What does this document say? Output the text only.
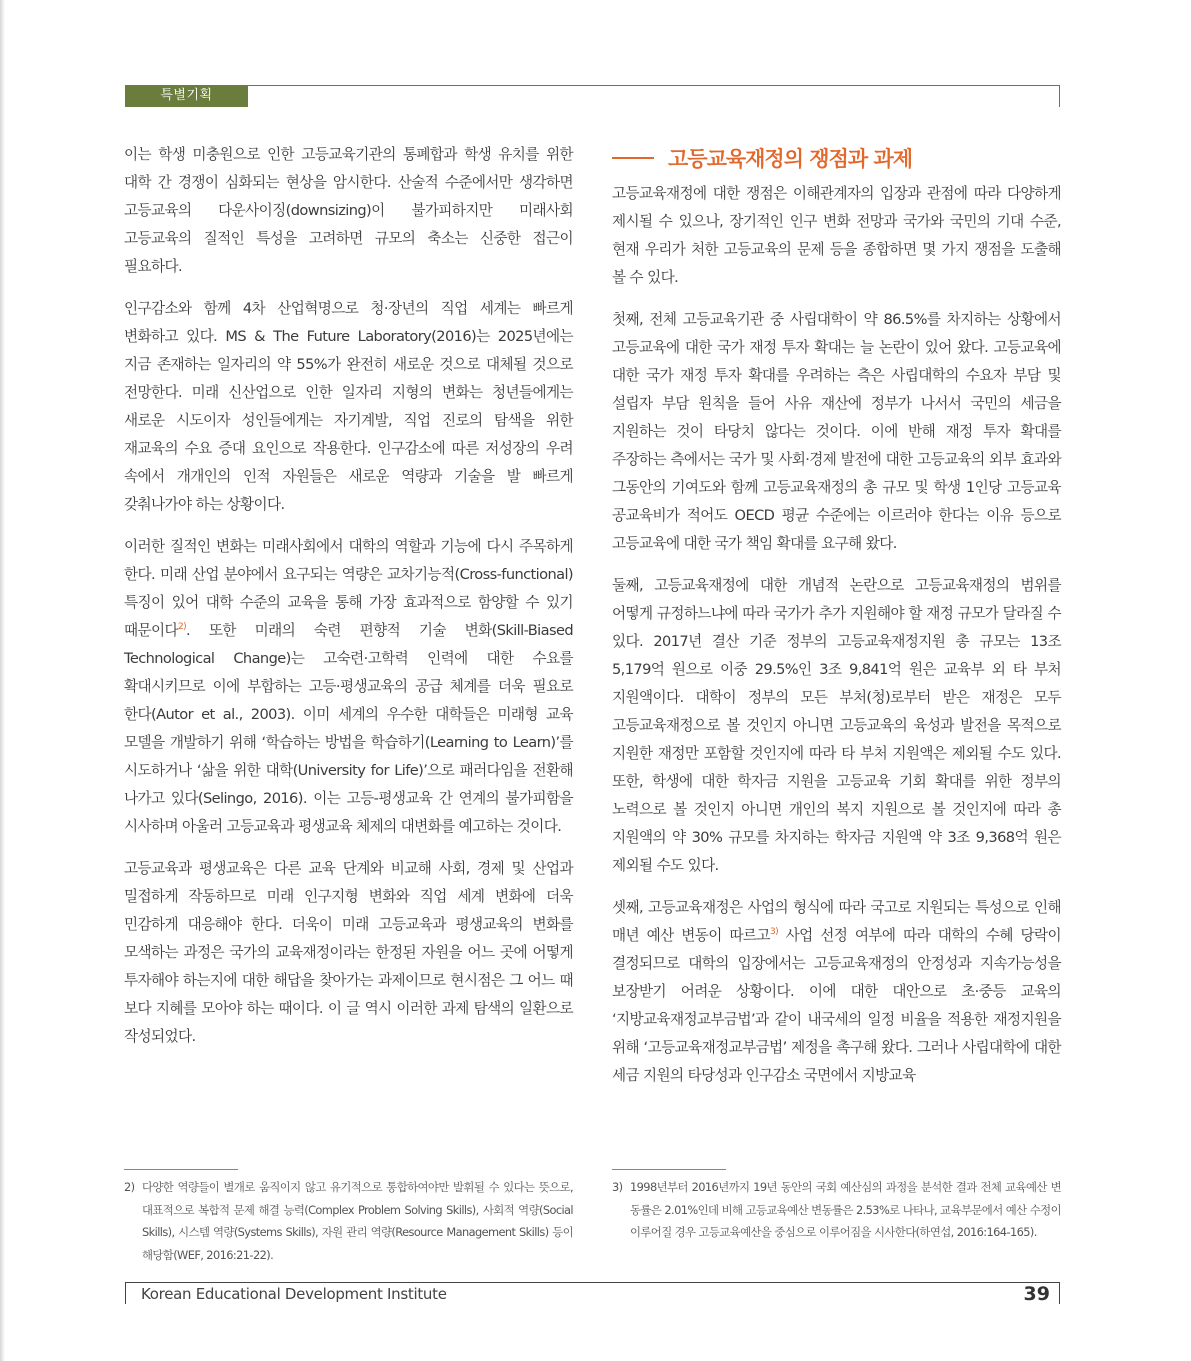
특별기획

이는 학생 미충원으로 인한 고등교육기관의 통폐합과 학생 유치를 위한 대학 간 경쟁이 심화되는 현상을 암시한다. 산술적 수준에서만 생각하면 고등교육의 다운사이징(downsizing)이 불가피하지만 미래사회 고등교육의 질적인 특성을 고려하면 규모의 축소는 신중한 접근이 필요하다.

인구감소와 함께 4차 산업혁명으로 청·장년의 직업 세계는 빠르게 변화하고 있다. MS & The Future Laboratory(2016)는 2025년에는 지금 존재하는 일자리의 약 55%가 완전히 새로운 것으로 대체될 것으로 전망한다. 미래 신산업으로 인한 일자리 지형의 변화는 청년들에게는 새로운 시도이자 성인들에게는 자기계발, 직업 진로의 탐색을 위한 재교육의 수요 증대 요인으로 작용한다. 인구감소에 따른 저성장의 우려 속에서 개개인의 인적 자원들은 새로운 역량과 기술을 발 빠르게 갖춰나가야 하는 상황이다.

이러한 질적인 변화는 미래사회에서 대학의 역할과 기능에 다시 주목하게 한다. 미래 산업 분야에서 요구되는 역량은 교차기능적(Cross-functional) 특징이 있어 대학 수준의 교육을 통해 가장 효과적으로 함양할 수 있기 때문이다$^{2)}$. 또한 미래의 숙련 편향적 기술 변화(Skill-Biased Technological Change)는 고숙련·고학력 인력에 대한 수요를 확대시키므로 이에 부합하는 고등·평생교육의 공급 체계를 더욱 필요로 한다(Autor et al., 2003). 이미 세계의 우수한 대학들은 미래형 교육 모델을 개발하기 위해 ‘학습하는 방법을 학습하기(Learning to Learn)’를 시도하거나 ‘삶을 위한 대학(University for Life)’으로 패러다임을 전환해 나가고 있다(Selingo, 2016). 이는 고등-평생교육 간 연계의 불가피함을 시사하며 아울러 고등교육과 평생교육 체제의 대변화를 예고하는 것이다.

고등교육과 평생교육은 다른 교육 단계와 비교해 사회, 경제 및 산업과 밀접하게 작동하므로 미래 인구지형 변화와 직업 세계 변화에 더욱 민감하게 대응해야 한다. 더욱이 미래 고등교육과 평생교육의 변화를 모색하는 과정은 국가의 교육재정이라는 한정된 자원을 어느 곳에 어떻게 투자해야 하는지에 대한 해답을 찾아가는 과제이므로 현시점은 그 어느 때 보다 지혜를 모아야 하는 때이다. 이 글 역시 이러한 과제 탐색의 일환으로 작성되었다.

고등교육재정의 쟁점과 과제

고등교육재정에 대한 쟁점은 이해관계자의 입장과 관점에 따라 다양하게 제시될 수 있으나, 장기적인 인구 변화 전망과 국가와 국민의 기대 수준, 현재 우리가 처한 고등교육의 문제 등을 종합하면 몇 가지 쟁점을 도출해 볼 수 있다.

첫째, 전체 고등교육기관 중 사립대학이 약 86.5%를 차지하는 상황에서 고등교육에 대한 국가 재정 투자 확대는 늘 논란이 있어 왔다. 고등교육에 대한 국가 재정 투자 확대를 우려하는 측은 사립대학의 수요자 부담 및 설립자 부담 원칙을 들어 사유 재산에 정부가 나서서 국민의 세금을 지원하는 것이 타당치 않다는 것이다. 이에 반해 재정 투자 확대를 주장하는 측에서는 국가 및 사회·경제 발전에 대한 고등교육의 외부 효과와 그동안의 기여도와 함께 고등교육재정의 총 규모 및 학생 1인당 고등교육 공교육비가 적어도 OECD 평균 수준에는 이르러야 한다는 이유 등으로 고등교육에 대한 국가 책임 확대를 요구해 왔다.

둘째, 고등교육재정에 대한 개념적 논란으로 고등교육재정의 범위를 어떻게 규정하느냐에 따라 국가가 추가 지원해야 할 재정 규모가 달라질 수 있다. 2017년 결산 기준 정부의 고등교육재정지원 총 규모는 13조 5,179억 원으로 이중 29.5%인 3조 9,841억 원은 교육부 외 타 부처 지원액이다. 대학이 정부의 모든 부처(청)로부터 받은 재정은 모두 고등교육재정으로 볼 것인지 아니면 고등교육의 육성과 발전을 목적으로 지원한 재정만 포함할 것인지에 따라 타 부처 지원액은 제외될 수도 있다. 또한, 학생에 대한 학자금 지원을 고등교육 기회 확대를 위한 정부의 노력으로 볼 것인지 아니면 개인의 복지 지원으로 볼 것인지에 따라 총 지원액의 약 30% 규모를 차지하는 학자금 지원액 약 3조 9,368억 원은 제외될 수도 있다.

셋째, 고등교육재정은 사업의 형식에 따라 국고로 지원되는 특성으로 인해 매년 예산 변동이 따르고$^{3)}$ 사업 선정 여부에 따라 대학의 수혜 당락이 결정되므로 대학의 입장에서는 고등교육재정의 안정성과 지속가능성을 보장받기 어려운 상황이다. 이에 대한 대안으로 초·중등 교육의 ‘지방교육재정교부금법’과 같이 내국세의 일정 비율을 적용한 재정지원을 위해 ‘고등교육재정교부금법’ 제정을 촉구해 왔다. 그러나 사립대학에 대한 세금 지원의 타당성과 인구감소 국면에서 지방교육

2) 다양한 역량들이 별개로 움직이지 않고 유기적으로 통합하여야만 발휘될 수 있다는 뜻으로, 대표적으로 복합적 문제 해결 능력(Complex Problem Solving Skills), 사회적 역량(Social Skills), 시스템 역량(Systems Skills), 자원 관리 역량(Resource Management Skills) 등이 해당함(WEF, 2016:21-22).
3) 1998년부터 2016년까지 19년 동안의 국회 예산심의 과정을 분석한 결과 전체 교육예산 변동률은 2.01%인데 비해 고등교육예산 변동률은 2.53%로 나타나, 교육부문에서 예산 수정이 이루어질 경우 고등교육예산을 중심으로 이루어짐을 시사한다(하연섭, 2016:164-165).
Korean Educational Development Institute	39
